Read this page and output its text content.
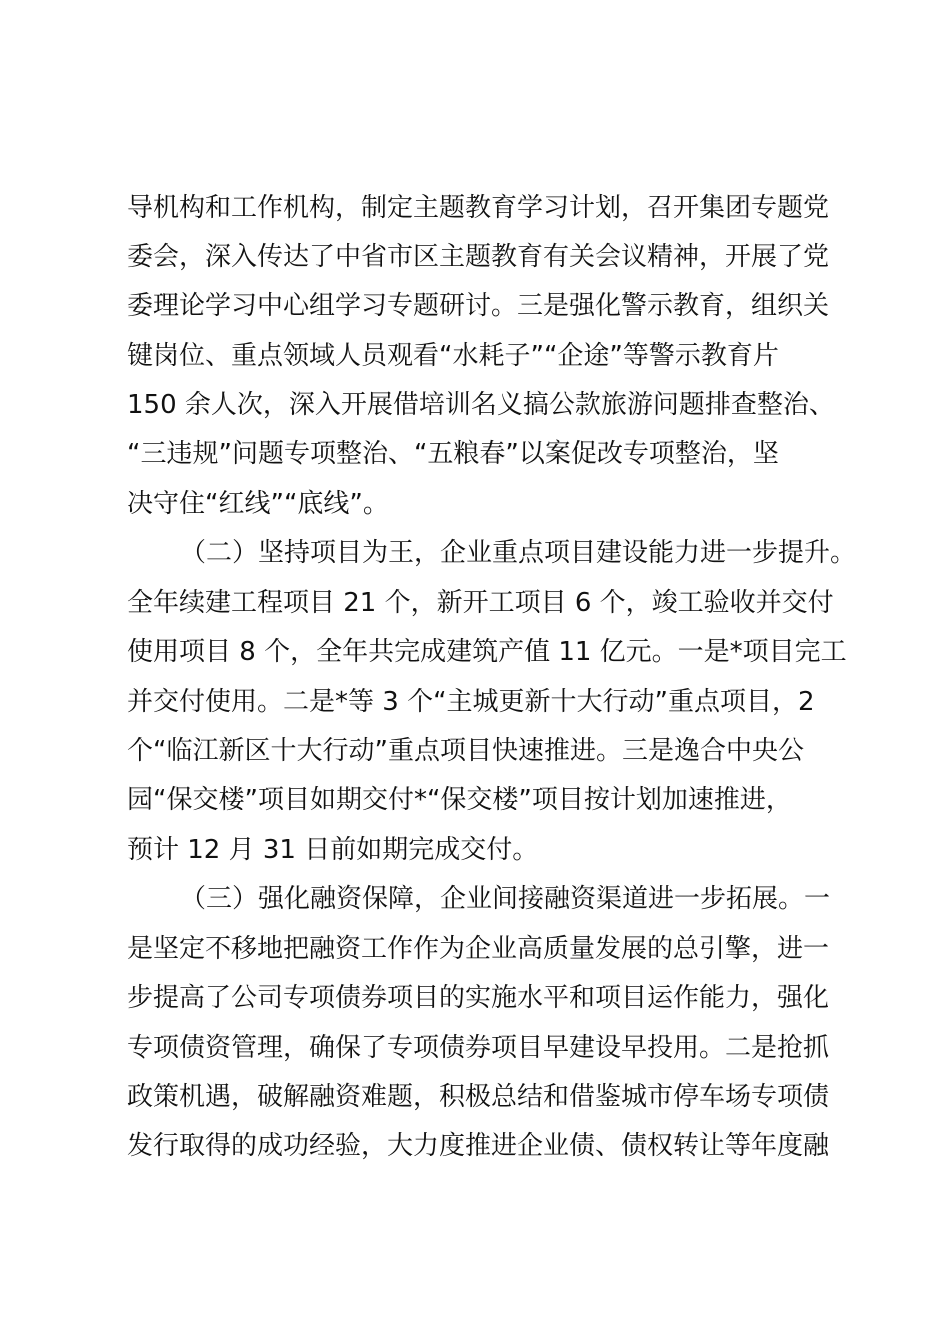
导机构和工作机构，制定主题教育学习计划，召开集团专题党
委会，深入传达了中省市区主题教育有关会议精神，开展了党
委理论学习中心组学习专题研讨。三是强化警示教育，组织关
键岗位、重点领域人员观看“水耗子”“企途”等警示教育片
150 余人次，深入开展借培训名义搞公款旅游问题排查整治、
“三违规”问题专项整治、“五粮春”以案促改专项整治，坚
决守住“红线”“底线”。
（二）坚持项目为王，企业重点项目建设能力进一步提升。
全年续建工程项目 21 个，新开工项目 6 个，竣工验收并交付
使用项目 8 个，全年共完成建筑产值 11 亿元。一是*项目完工
并交付使用。二是*等 3 个“主城更新十大行动”重点项目，2
个“临江新区十大行动”重点项目快速推进。三是逸合中央公
园“保交楼”项目如期交付*“保交楼”项目按计划加速推进，
预计 12 月 31 日前如期完成交付。
（三）强化融资保障，企业间接融资渠道进一步拓展。一
是坚定不移地把融资工作作为企业高质量发展的总引擎，进一
步提高了公司专项债券项目的实施水平和项目运作能力，强化
专项债资管理，确保了专项债券项目早建设早投用。二是抢抓
政策机遇，破解融资难题，积极总结和借鉴城市停车场专项债
发行取得的成功经验，大力度推进企业债、债权转让等年度融
